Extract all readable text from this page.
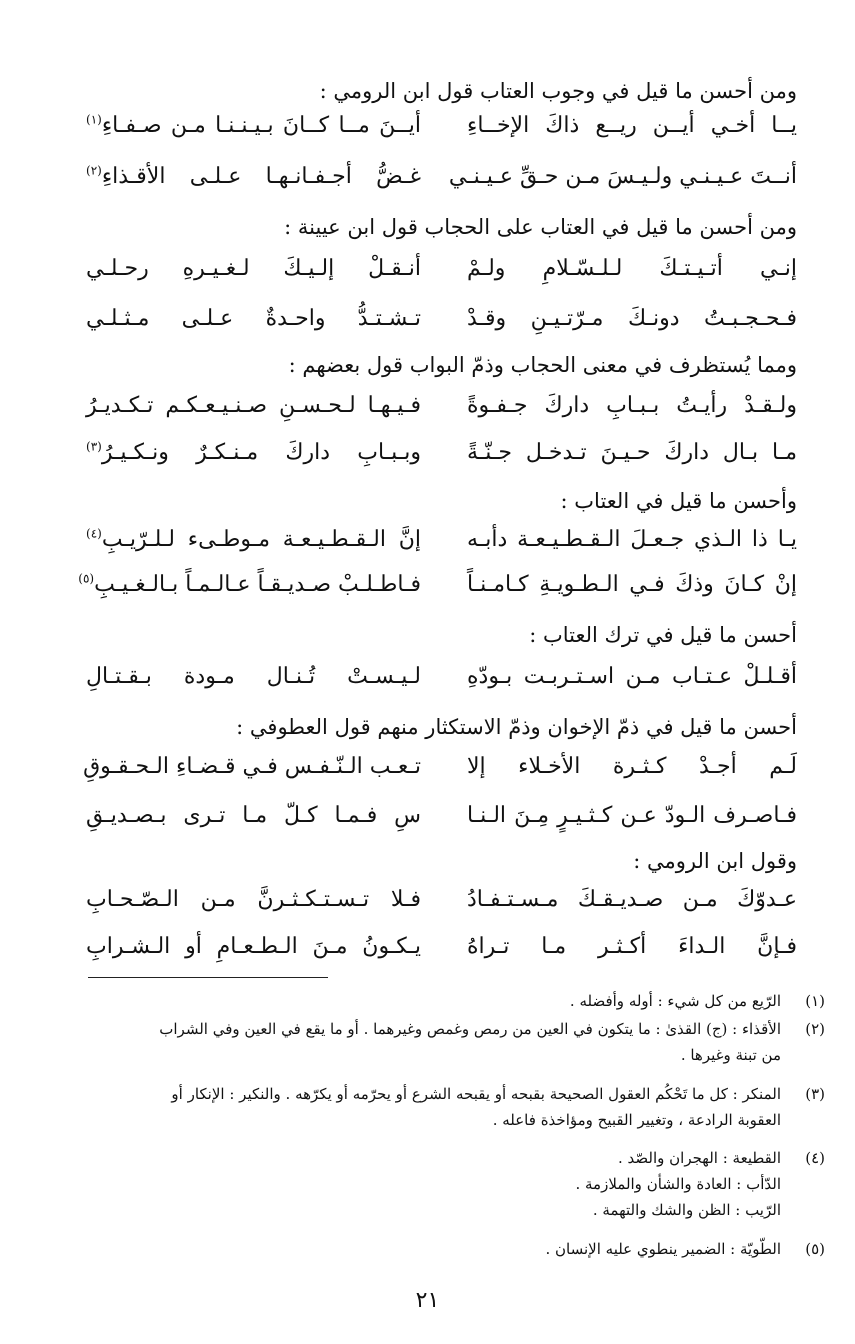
ومن أحسن ما قيل في وجوب العتاب قول ابن الرومي :
يــا أخـي أيــن ريــع ذاكَ الإخــاءِ
أيــنَ مــا كــانَ بـيـنـنـا مـن صـفـاءِ$^{(١)}$
أنــتَ عـيـنـي ولـيـسَ مـن حـقِّ عـيـنـي
غـضُّ أجـفـانـهـا عـلـى الأقـذاءِ$^{(٢)}$
ومن أحسن ما قيل في العتاب على الحجاب قول ابن عيينة :
إنـي أتـيـتـكَ لـلـسّـلامِ ولـمْ
أنـقـلْ إلـيـكَ لـغـيـرهِ رحـلـي
فـحـجـبـتُ دونـكَ مـرّتـيـنِ وقـدْ
تـشـتـدُّ واحـدةٌ عـلـى مـثـلـي
ومما يُستظرف في معنى الحجاب وذمّ البواب قول بعضهم :
ولـقـدْ رأيـتُ بـبـابِ داركَ جـفـوةً
فـيـهـا لـحـسـنِ صـنـيـعـكـم تـكـديـرُ
مـا بـال داركَ حـيـنَ تـدخـل جـنّـةً
وبـبـابِ داركَ مـنـكـرٌ ونـكـيـرُ$^{(٣)}$
وأحسن ما قيل في العتاب :
يـا ذا الـذي جـعـلَ الـقـطـيـعـة دأبـه
إنَّ الـقـطـيـعـة مـوطـىء لـلـرّيـبِ$^{(٤)}$
إنْ كـانَ وذكَ فـي الـطـويـةِ كـامـنـاً
فـاطـلـبْ صـديـقـاً عـالـمـاً بـالـغـيـبِ$^{(٥)}$
أحسن ما قيل في ترك العتاب :
أقـلـلْ عـتـاب مـن اسـتـربـت بـودّهِ
لـيـسـتْ تُـنـال مـودة بـقـتـالِ
أحسن ما قيل في ذمّ الإخوان وذمّ الاستكثار منهم قول العطوفي :
لَـم أجـدْ كـثـرة الأخـلاء إلا
تـعـب الـنّـفـس فـي قـضـاءِ الـحـقـوقِ
فـاصـرف الـودّ عـن كـثـيـرٍ مِـنَ الـنـا
سِ فـمـا كـلّ مـا تـرى بـصـديـقِ
وقول ابن الرومي :
عـدوّكَ مـن صـديـقـكَ مـسـتـفـادُ
فـلا تـسـتـكـثـرنَّ مـن الـصّـحـابِ
فـإنَّ الـداءَ أكـثـر مـا تـراهُ
يـكـونُ مـنَ الـطـعـامِ أو الـشـرابِ
(١)
الرّيع من كل شيء : أوله وأفضله .
(٢)
الأقذاء : (ج) القذىٰ : ما يتكون في العين من رمص وغمص وغيرهما . أو ما يقع في العين وفي الشراب
من تبنة وغيرها .
(٣)
المنكر : كل ما تَحْكُم العقول الصحيحة بقبحه أو يقبحه الشرع أو يحرّمه أو يكرّهه . والنكير : الإنكار أو
العقوبة الرادعة ، وتغيير القبيح ومؤاخذة فاعله .
(٤)
القطيعة : الهجران والصّد .
الدّأب : العادة والشأن والملازمة .
الرّيب : الظن والشك والتهمة .
(٥)
الطّويّة : الضمير ينطوي عليه الإنسان .
٢١
